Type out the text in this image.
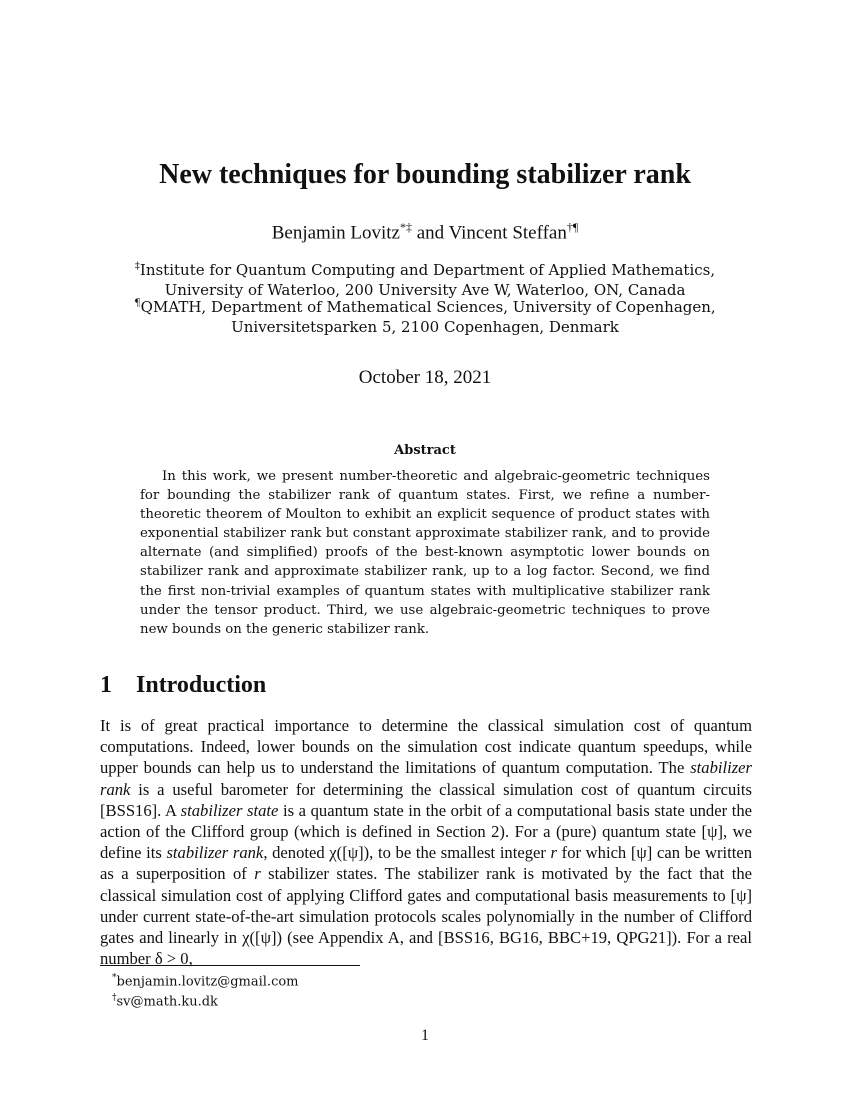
New techniques for bounding stabilizer rank
Benjamin Lovitz*‡ and Vincent Steffan†¶
‡Institute for Quantum Computing and Department of Applied Mathematics, University of Waterloo, 200 University Ave W, Waterloo, ON, Canada
¶QMATH, Department of Mathematical Sciences, University of Copenhagen, Universitetsparken 5, 2100 Copenhagen, Denmark
October 18, 2021
Abstract
In this work, we present number-theoretic and algebraic-geometric techniques for bounding the stabilizer rank of quantum states. First, we refine a number-theoretic theorem of Moulton to exhibit an explicit sequence of product states with exponential stabilizer rank but constant approximate stabilizer rank, and to provide alternate (and simplified) proofs of the best-known asymptotic lower bounds on stabilizer rank and approximate stabilizer rank, up to a log factor. Second, we find the first non-trivial examples of quantum states with multiplicative stabilizer rank under the tensor product. Third, we use algebraic-geometric techniques to prove new bounds on the generic stabilizer rank.
1 Introduction
It is of great practical importance to determine the classical simulation cost of quantum computations. Indeed, lower bounds on the simulation cost indicate quantum speedups, while upper bounds can help us to understand the limitations of quantum computation. The stabilizer rank is a useful barometer for determining the classical simulation cost of quantum circuits [BSS16]. A stabilizer state is a quantum state in the orbit of a computational basis state under the action of the Clifford group (which is defined in Section 2). For a (pure) quantum state [ψ], we define its stabilizer rank, denoted χ([ψ]), to be the smallest integer r for which [ψ] can be written as a superposition of r stabilizer states. The stabilizer rank is motivated by the fact that the classical simulation cost of applying Clifford gates and computational basis measurements to [ψ] under current state-of-the-art simulation protocols scales polynomially in the number of Clifford gates and linearly in χ([ψ]) (see Appendix A, and [BSS16, BG16, BBC+19, QPG21]). For a real number δ > 0,
*benjamin.lovitz@gmail.com
†sv@math.ku.dk
1
